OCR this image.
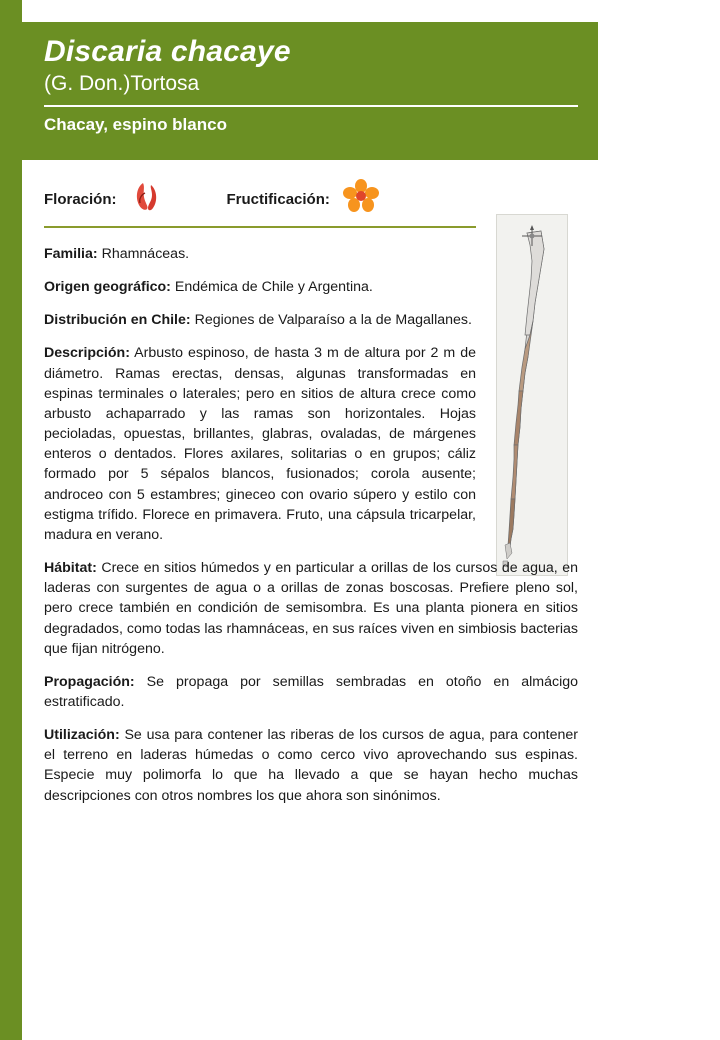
Discaria chacaye
(G. Don.)Tortosa
Chacay, espino blanco
Floración:	Fructificación:

Familia: Rhamnáceas.

Origen geográfico: Endémica de Chile y Argentina.

Distribución en Chile: Regiones de Valparaíso a la de Magallanes.

Descripción: Arbusto espinoso, de hasta 3 m de altura por 2 m de diámetro. Ramas erectas, densas, algunas transformadas en espinas terminales o laterales; pero en sitios de altura crece como arbusto achaparrado y las ramas son horizontales. Hojas pecioladas, opuestas, brillantes, glabras, ovaladas, de márgenes enteros o dentados. Flores axilares, solitarias o en grupos; cáliz formado por 5 sépalos blancos, fusionados; corola ausente; androceo con 5 estambres; gineceo con ovario súpero y estilo con estigma trífido. Florece en primavera. Fruto, una cápsula tricarpelar, madura en verano.

Hábitat: Crece en sitios húmedos y en particular a orillas de los cursos de agua, en laderas con surgentes de agua o a orillas de zonas boscosas. Prefiere pleno sol, pero crece también en condición de semisombra. Es una planta pionera en sitios degradados, como todas las rhamnáceas, en sus raíces viven en simbiosis bacterias que fijan nitrógeno.

Propagación: Se propaga por semillas sembradas en otoño en almácigo estratificado.

Utilización: Se usa para contener las riberas de los cursos de agua, para contener el terreno en laderas húmedas o como cerco vivo aprovechando sus espinas. Especie muy polimorfa lo que ha llevado a que se hayan hecho muchas descripciones con otros nombres los que ahora son sinónimos.

136
